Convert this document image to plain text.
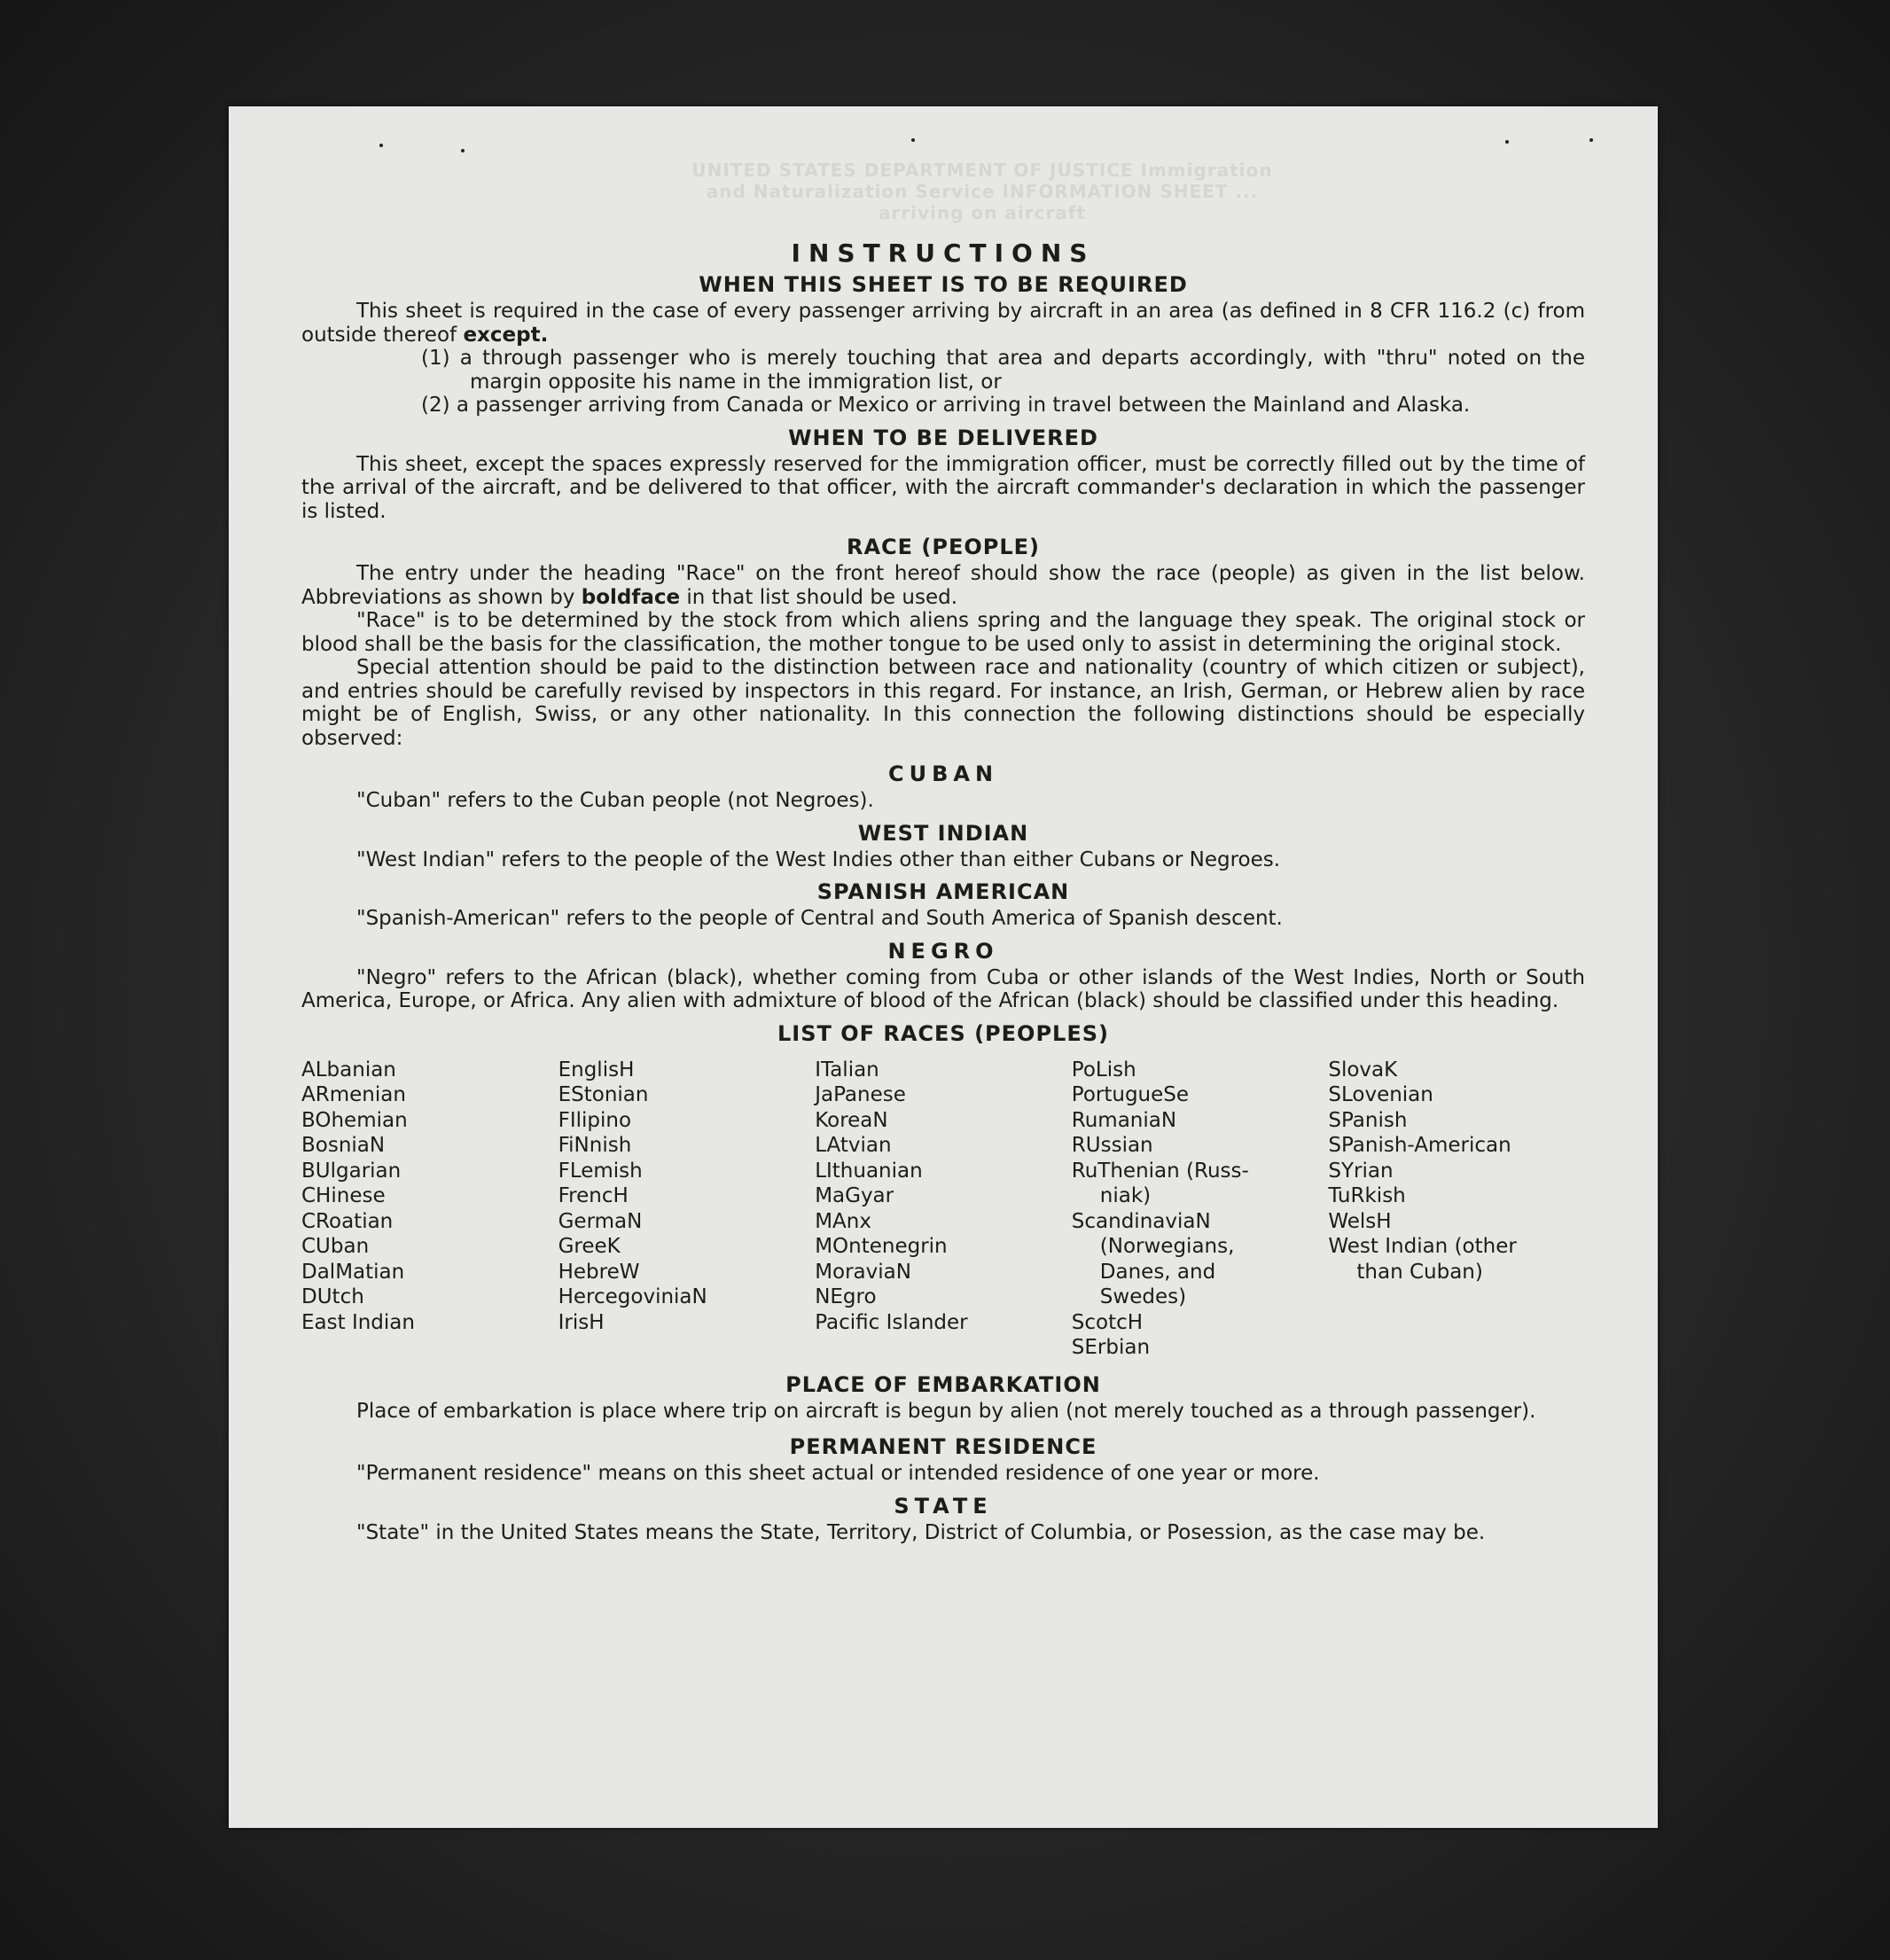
UNITED STATES DEPARTMENT OF JUSTICE Immigration and Naturalization Service INFORMATION SHEET ... arriving on aircraft
INSTRUCTIONS
WHEN THIS SHEET IS TO BE REQUIRED

This sheet is required in the case of every passenger arriving by aircraft in an area (as defined in 8 CFR 116.2 (c) from outside thereof except.

(1) a through passenger who is merely touching that area and departs accordingly, with "thru" noted on the margin opposite his name in the immigration list, or

(2) a passenger arriving from Canada or Mexico or arriving in travel between the Mainland and Alaska.

WHEN TO BE DELIVERED

This sheet, except the spaces expressly reserved for the immigration officer, must be correctly filled out by the time of the arrival of the aircraft, and be delivered to that officer, with the aircraft commander's declaration in which the passenger is listed.

RACE (PEOPLE)

The entry under the heading "Race" on the front hereof should show the race (people) as given in the list below. Abbreviations as shown by boldface in that list should be used.

"Race" is to be determined by the stock from which aliens spring and the language they speak. The original stock or blood shall be the basis for the classification, the mother tongue to be used only to assist in determining the original stock.

Special attention should be paid to the distinction between race and nationality (country of which citizen or subject), and entries should be carefully revised by inspectors in this regard. For instance, an Irish, German, or Hebrew alien by race might be of English, Swiss, or any other nationality. In this connection the following distinctions should be especially observed:

CUBAN

"Cuban" refers to the Cuban people (not Negroes).

WEST INDIAN

"West Indian" refers to the people of the West Indies other than either Cubans or Negroes.

SPANISH AMERICAN

"Spanish-American" refers to the people of Central and South America of Spanish descent.

NEGRO

"Negro" refers to the African (black), whether coming from Cuba or other islands of the West Indies, North or South America, Europe, or Africa. Any alien with admixture of blood of the African (black) should be classified under this heading.

LIST OF RACES (PEOPLES)
ALbanian
ARmenian
BOhemian
BosniaN
BUlgarian
CHinese
CRoatian
CUban
DalMatian
DUtch
East Indian
EnglisH
EStonian
FIlipino
FiNnish
FLemish
FrencH
GermaN
GreeK
HebreW
HercegoviniaN
IrisH
ITalian
JaPanese
KoreaN
LAtvian
LIthuanian
MaGyar
MAnx
MOntenegrin
MoraviaN
NEgro
Pacific Islander
PoLish
PortugueSe
RumaniaN
RUssian
RuThenian (Russ-
niak)
ScandinaviaN
(Norwegians,
Danes, and
Swedes)
ScotcH
SErbian
SlovaK
SLovenian
SPanish
SPanish-American
SYrian
TuRkish
WelsH
West Indian (other
than Cuban)
PLACE OF EMBARKATION

Place of embarkation is place where trip on aircraft is begun by alien (not merely touched as a through passenger).

PERMANENT RESIDENCE

"Permanent residence" means on this sheet actual or intended residence of one year or more.

STATE

"State" in the United States means the State, Territory, District of Columbia, or Posession, as the case may be.
